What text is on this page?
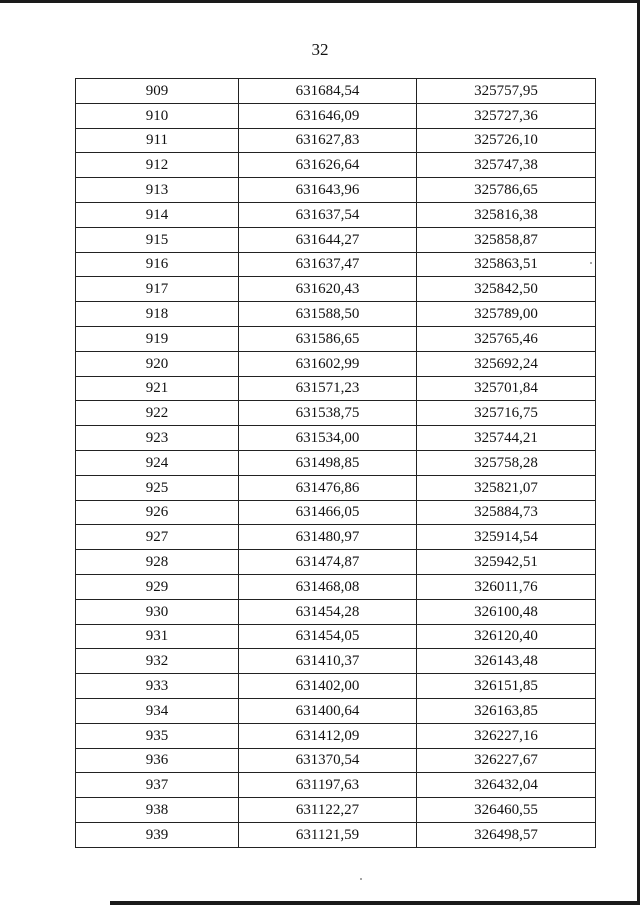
32
909	631684,54	325757,95
910	631646,09	325727,36
911	631627,83	325726,10
912	631626,64	325747,38
913	631643,96	325786,65
914	631637,54	325816,38
915	631644,27	325858,87
916	631637,47	325863,51
917	631620,43	325842,50
918	631588,50	325789,00
919	631586,65	325765,46
920	631602,99	325692,24
921	631571,23	325701,84
922	631538,75	325716,75
923	631534,00	325744,21
924	631498,85	325758,28
925	631476,86	325821,07
926	631466,05	325884,73
927	631480,97	325914,54
928	631474,87	325942,51
929	631468,08	326011,76
930	631454,28	326100,48
931	631454,05	326120,40
932	631410,37	326143,48
933	631402,00	326151,85
934	631400,64	326163,85
935	631412,09	326227,16
936	631370,54	326227,67
937	631197,63	326432,04
938	631122,27	326460,55
939	631121,59	326498,57
